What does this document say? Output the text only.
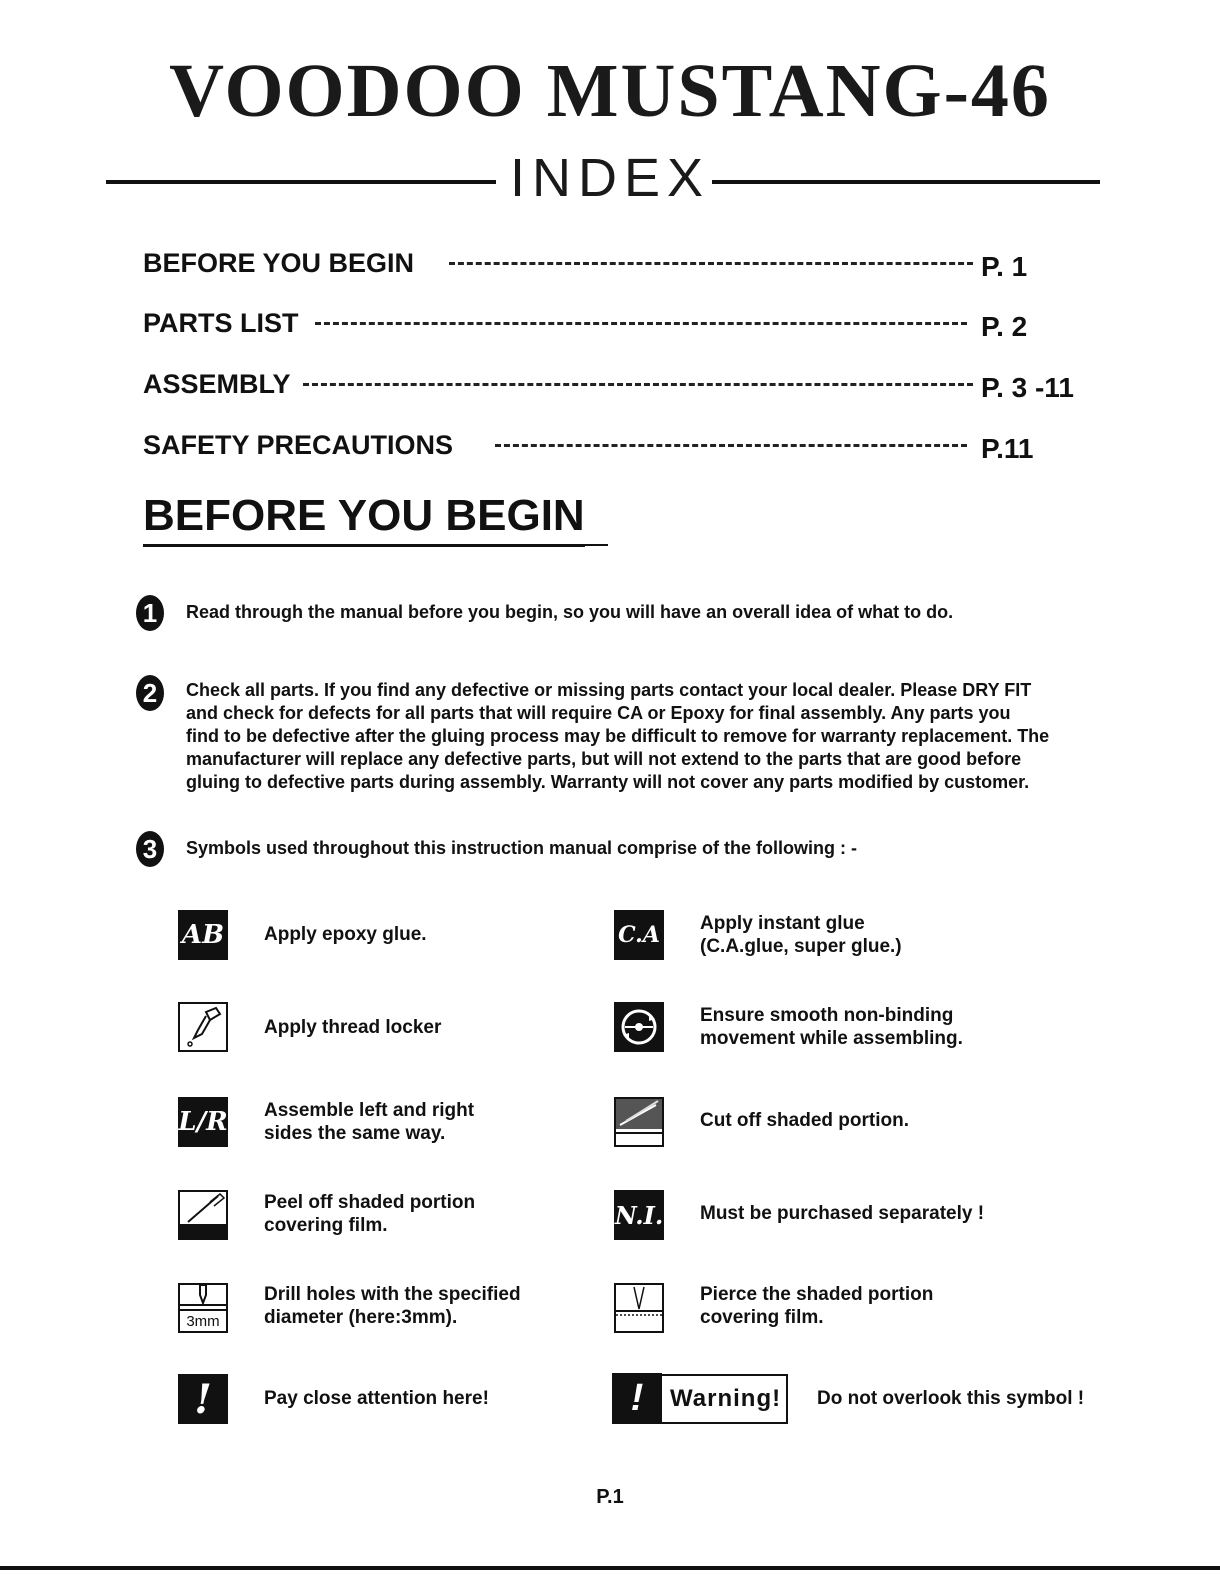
VOODOO MUSTANG-46
INDEX
BEFORE YOU BEGIN	P. 1
PARTS LIST	P. 2
ASSEMBLY	P. 3 -11
SAFETY PRECAUTIONS	P.11
BEFORE YOU BEGIN
1	Read through the manual before you begin, so you will have an overall idea of what to do.
2	Check all parts. If you find any defective or missing parts contact your local dealer. Please DRY FIT
and check for defects for all parts that will require CA or Epoxy for final assembly. Any parts you
find to be defective after the gluing process may be difficult to remove for warranty replacement. The
manufacturer will replace any defective parts, but will not extend to the parts that are good before
gluing to defective parts during assembly. Warranty will not cover any parts modified by customer.
3	Symbols used throughout this instruction manual comprise of the following : -
AB Apply epoxy glue.
Apply thread locker
L/R Assemble left and right
sides the same way.
Peel off shaded portion
covering film.
3mm
Drill holes with the specified
diameter (here:3mm).
!	Pay close attention here!
C.A Apply instant glue
(C.A.glue, super glue.)
Ensure smooth non-binding
movement while assembling.
Cut off shaded portion.
N.I. Must be purchased separately !
Pierce the shaded portion
covering film.
!	Warning! Do not overlook this symbol !
P.1
